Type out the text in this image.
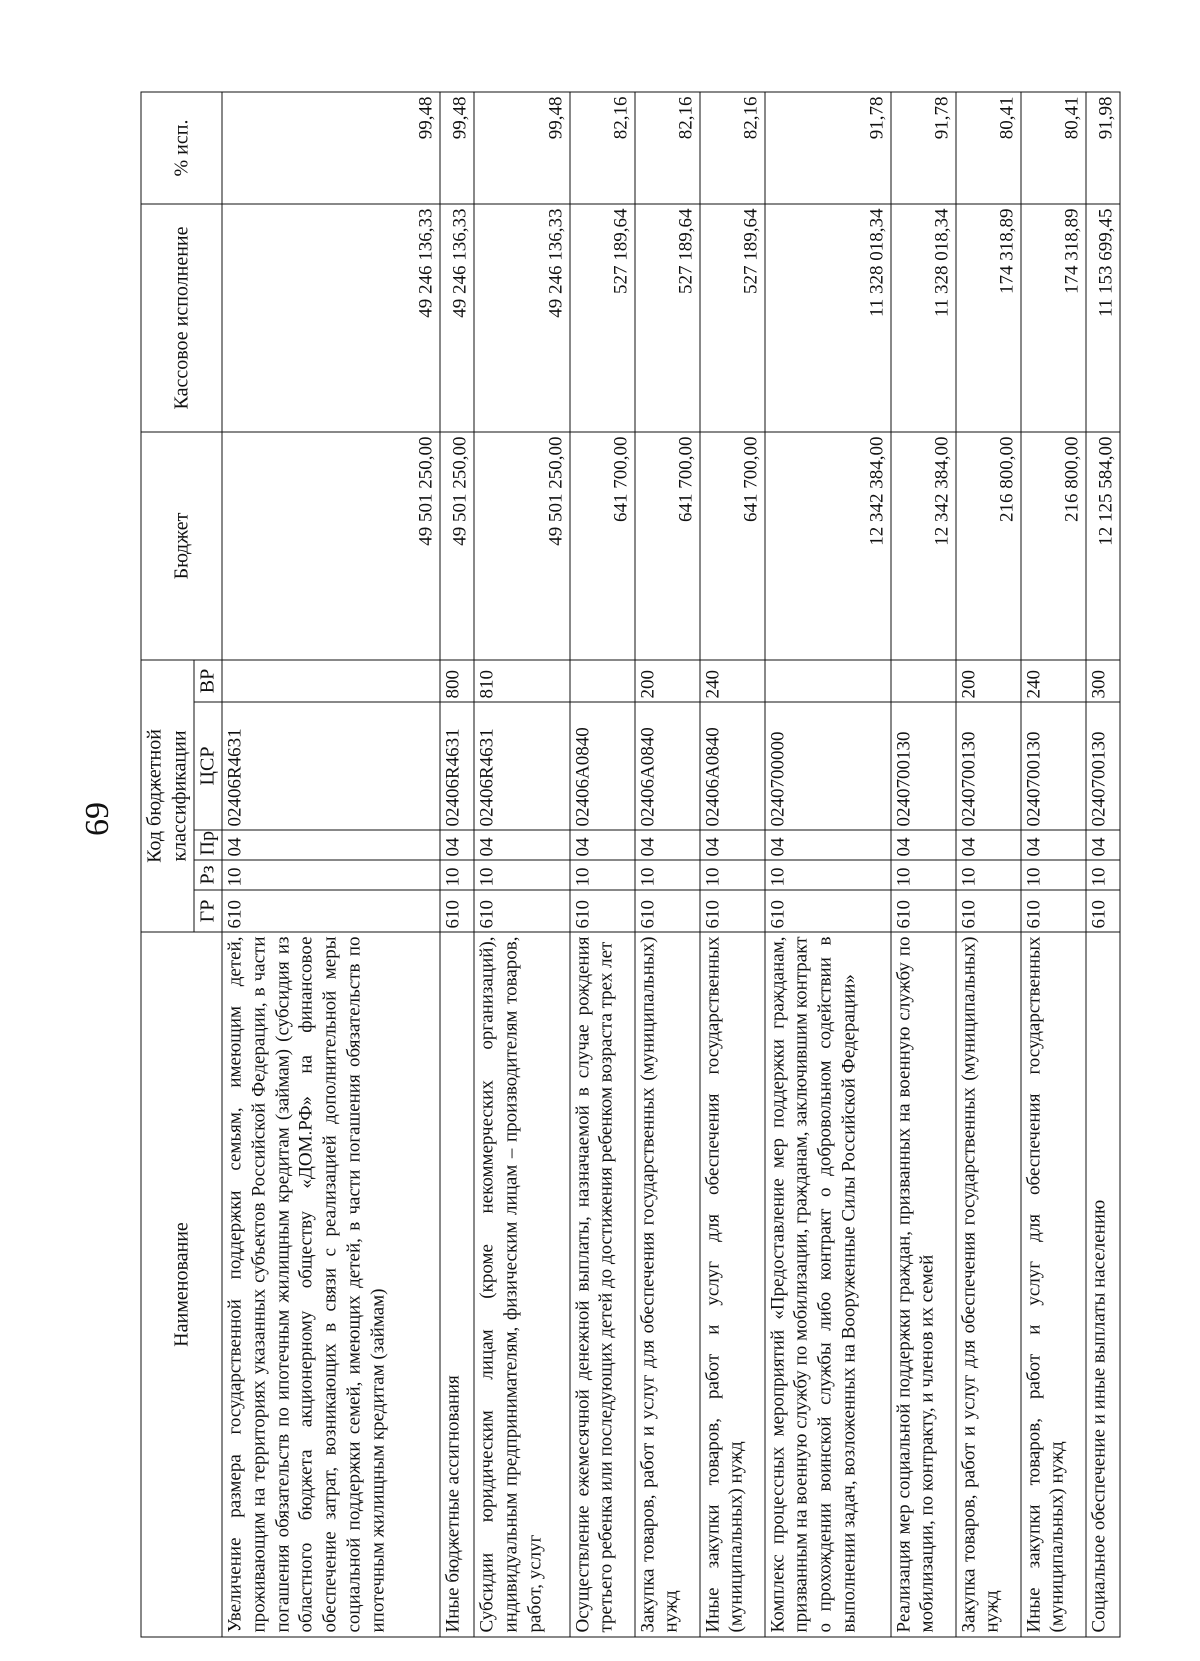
69
Наименование	Код бюджетной классификации					Бюджет	Кассовое исполнение	% исп.
	ГР	Рз	Пр	ЦСР	ВР			
Увеличение размера государственной поддержки семьям, имеющим детей, проживающим на территориях указанных субъектов Российской Федерации, в части погашения обязательств по ипотечным жилищным кредитам (займам) (субсидия из областного бюджета акционерному обществу «ДОМ.РФ» на финансовое обеспечение затрат, возникающих в связи с реализацией дополнительной меры социальной поддержки семей, имеющих детей, в части погашения обязательств по ипотечным жилищным кредитам (займам)	610	10	04	02406R4631		49 501 250,00	49 246 136,33	99,48
Иные бюджетные ассигнования	610	10	04	02406R4631	800	49 501 250,00	49 246 136,33	99,48
Субсидии юридическим лицам (кроме некоммерческих организаций), индивидуальным предпринимателям, физическим лицам – производителям товаров, работ, услуг	610	10	04	02406R4631	810	49 501 250,00	49 246 136,33	99,48
Осуществление ежемесячной денежной выплаты, назначаемой в случае рождения третьего ребенка или последующих детей до достижения ребенком возраста трех лет	610	10	04	02406A0840		641 700,00	527 189,64	82,16
Закупка товаров, работ и услуг для обеспечения государственных (муниципальных) нужд	610	10	04	02406A0840	200	641 700,00	527 189,64	82,16
Иные закупки товаров, работ и услуг для обеспечения государственных (муниципальных) нужд	610	10	04	02406A0840	240	641 700,00	527 189,64	82,16
Комплекс процессных мероприятий «Предоставление мер поддержки гражданам, призванным на военную службу по мобилизации, гражданам, заключившим контракт о прохождении воинской службы либо контракт о добровольном содействии в выполнении задач, возложенных на Вооруженные Силы Российской Федерации»	610	10	04	0240700000		12 342 384,00	11 328 018,34	91,78
Реализация мер социальной поддержки граждан, призванных на военную службу по мобилизации, по контракту, и членов их семей	610	10	04	0240700130		12 342 384,00	11 328 018,34	91,78
Закупка товаров, работ и услуг для обеспечения государственных (муниципальных) нужд	610	10	04	0240700130	200	216 800,00	174 318,89	80,41
Иные закупки товаров, работ и услуг для обеспечения государственных (муниципальных) нужд	610	10	04	0240700130	240	216 800,00	174 318,89	80,41
Социальное обеспечение и иные выплаты населению	610	10	04	0240700130	300	12 125 584,00	11 153 699,45	91,98
